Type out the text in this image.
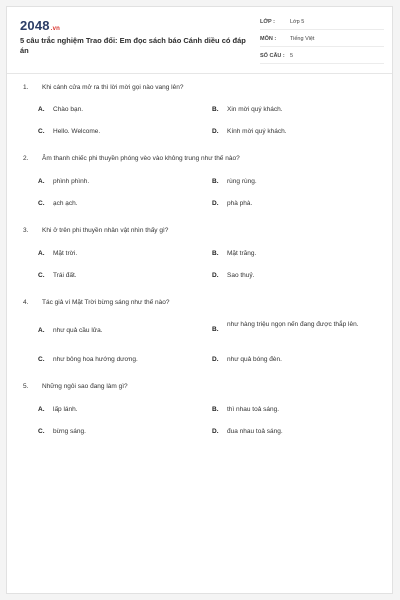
2048.vn
5 câu trắc nghiệm Trao đổi: Em đọc sách báo Cánh diều có đáp án
LỚP :	Lớp 5
MÔN :	Tiếng Việt
SỐ CÂU : 5
1. Khi cánh cửa mở ra thì lời mời gọi nào vang lên?
A. Chào bạn.	B. Xin mời quý khách.
C. Hello. Welcome.	D. Kính mời quý khách.
2. Âm thanh chiếc phi thuyền phóng vèo vào không trung như thế nào?
A. phình phình.	B. rùng rùng.
C. ạch ạch.	D. phà phà.
3. Khi ở trên phi thuyền nhân vật nhìn thấy gì?
A. Mặt trời.	B. Mặt trăng.
C. Trái đất.	D. Sao thuỷ.
4. Tác giả ví Mặt Trời bừng sáng như thế nào?
A. như quả cầu lửa.	B.
như hàng triệu ngọn nến đang được thắp lên.
C. như bông hoa hướng dương.	D. như quả bóng đèn.
5. Những ngôi sao đang làm gì?
A. lấp lánh.	B. thì nhau toả sáng.
C. bừng sáng.	D. đua nhau toả sáng.
